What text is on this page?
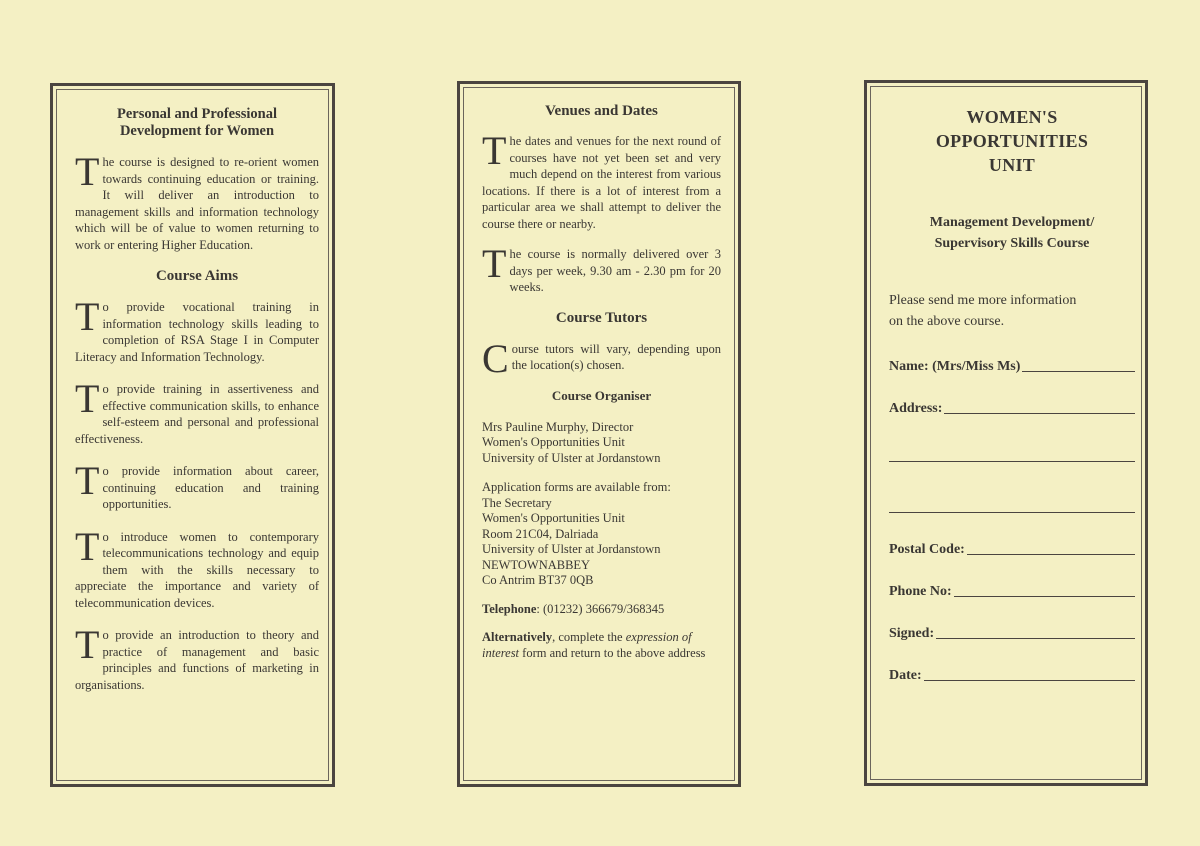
Personal and Professional Development for Women

The course is designed to re-orient women towards continuing education or training. It will deliver an introduction to management skills and information technology which will be of value to women returning to work or entering Higher Education.

Course Aims

To provide vocational training in information technology skills leading to completion of RSA Stage I in Computer Literacy and Information Technology.

To provide training in assertiveness and effective communication skills, to enhance self-esteem and personal and professional effectiveness.

To provide information about career, continuing education and training opportunities.

To introduce women to contemporary telecommunications technology and equip them with the skills necessary to appreciate the importance and variety of telecommunication devices.

To provide an introduction to theory and practice of management and basic principles and functions of marketing in organisations.

Venues and Dates

The dates and venues for the next round of courses have not yet been set and very much depend on the interest from various locations. If there is a lot of interest from a particular area we shall attempt to deliver the course there or nearby.

The course is normally delivered over 3 days per week, 9.30 am - 2.30 pm for 20 weeks.

Course Tutors

Course tutors will vary, depending upon the location(s) chosen.

Course Organiser
Mrs Pauline Murphy, Director
Women's Opportunities Unit
University of Ulster at Jordanstown
Application forms are available from:
The Secretary
Women's Opportunities Unit
Room 21C04, Dalriada
University of Ulster at Jordanstown
NEWTOWNABBEY
Co Antrim BT37 0QB
Telephone: (01232) 366679/368345
Alternatively, complete the expression of interest form and return to the above address
WOMEN'S
OPPORTUNITIES
UNIT
Management Development/
Supervisory Skills Course
Please send me more information
on the above course.
Name: (Mrs/Miss Ms)
Address:
Postal Code:
Phone No:
Signed:
Date:
